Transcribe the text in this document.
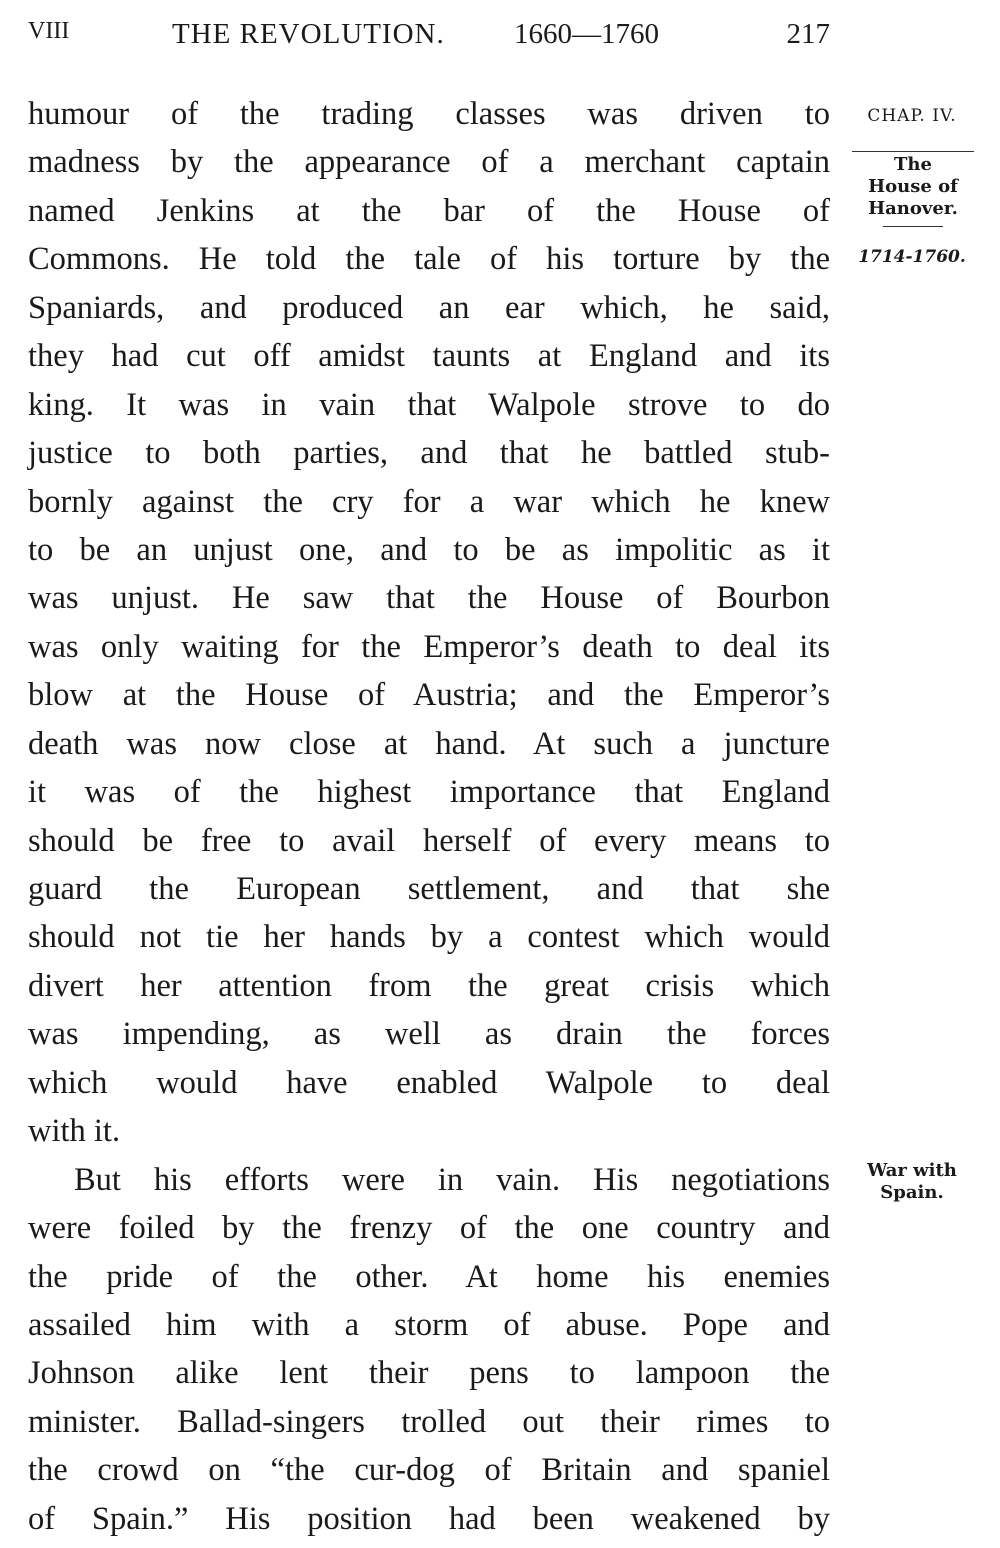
VIII	THE REVOLUTION. 1660—1760	217
humour of the trading classes was driven to
madness by the appearance of a merchant captain
named Jenkins at the bar of the House of
Commons. He told the tale of his torture by the
Spaniards, and produced an ear which, he said,
they had cut off amidst taunts at England and its
king. It was in vain that Walpole strove to do
justice to both parties, and that he battled stub-
bornly against the cry for a war which he knew
to be an unjust one, and to be as impolitic as it
was unjust. He saw that the House of Bourbon
was only waiting for the Emperor’s death to deal its
blow at the House of Austria; and the Emperor’s
death was now close at hand. At such a juncture
it was of the highest importance that England
should be free to avail herself of every means to
guard the European settlement, and that she
should not tie her hands by a contest which would
divert her attention from the great crisis which
was impending, as well as drain the forces
which would have enabled Walpole to deal
with it.
But his efforts were in vain. His negotiations
were foiled by the frenzy of the one country and
the pride of the other. At home his enemies
assailed him with a storm of abuse. Pope and
Johnson alike lent their pens to lampoon the
minister. Ballad-singers trolled out their rimes to
the crowd on “the cur-dog of Britain and spaniel
of Spain.” His position had been weakened by
CHAP. IV.
The
House of
Hanover.
1714-1760.
War with
Spain.
